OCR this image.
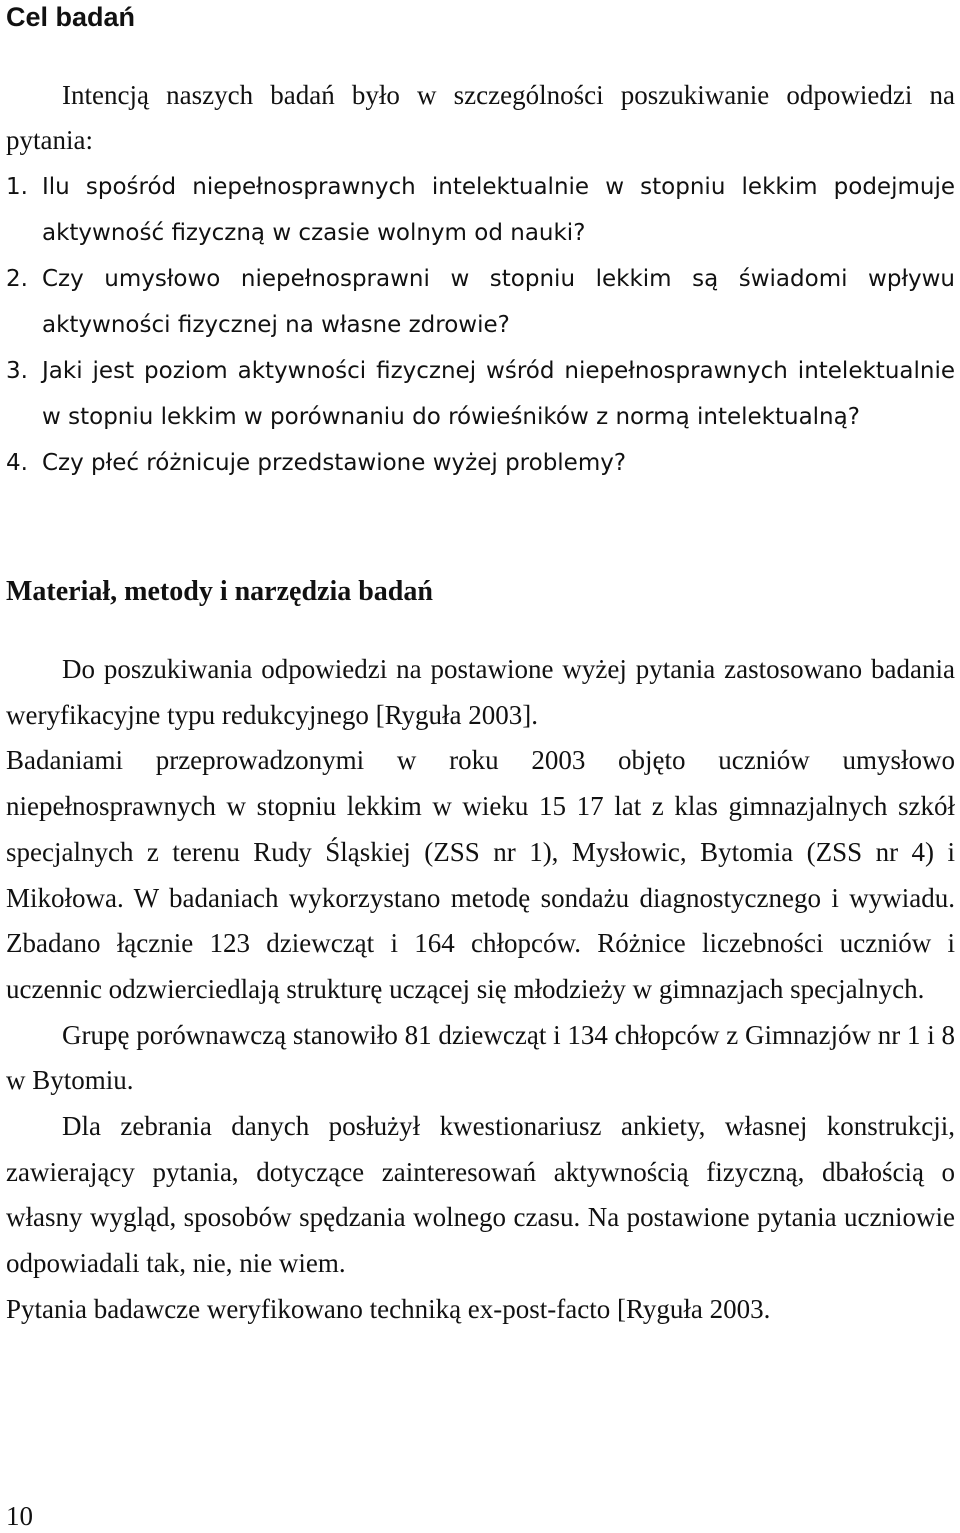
Cel badań

Intencją naszych badań było w szczególności poszukiwanie odpowiedzi na pytania:

1. Ilu spośród niepełnosprawnych intelektualnie w stopniu lekkim podejmuje aktywność fizyczną w czasie wolnym od nauki?
2. Czy umysłowo niepełnosprawni w stopniu lekkim są świadomi wpływu aktywności fizycznej na własne zdrowie?
3. Jaki jest poziom aktywności fizycznej wśród niepełnosprawnych intelektualnie w stopniu lekkim w porównaniu do rówieśników z normą intelektualną?
4. Czy płeć różnicuje przedstawione wyżej problemy?
Materiał, metody i narzędzia badań

Do poszukiwania odpowiedzi na postawione wyżej pytania zastosowano badania weryfikacyjne typu redukcyjnego [Ryguła 2003].

Badaniami przeprowadzonymi w roku 2003 objęto uczniów umysłowo niepełnosprawnych w stopniu lekkim w wieku 15 17 lat z klas gimnazjalnych szkół specjalnych z terenu Rudy Śląskiej (ZSS nr 1), Mysłowic, Bytomia (ZSS nr 4) i Mikołowa. W badaniach wykorzystano metodę sondażu diagnostycznego i wywiadu. Zbadano łącznie 123 dziewcząt i 164 chłopców. Różnice liczebności uczniów i uczennic odzwierciedlają strukturę uczącej się młodzieży w gimnazjach specjalnych.

Grupę porównawczą stanowiło 81 dziewcząt i 134 chłopców z Gimnazjów nr 1 i 8 w Bytomiu.

Dla zebrania danych posłużył kwestionariusz ankiety, własnej konstrukcji, zawierający pytania, dotyczące zainteresowań aktywnością fizyczną, dbałością o własny wygląd, sposobów spędzania wolnego czasu. Na postawione pytania uczniowie odpowiadali tak, nie, nie wiem.

Pytania badawcze weryfikowano techniką ex-post-facto [Ryguła 2003.

10
